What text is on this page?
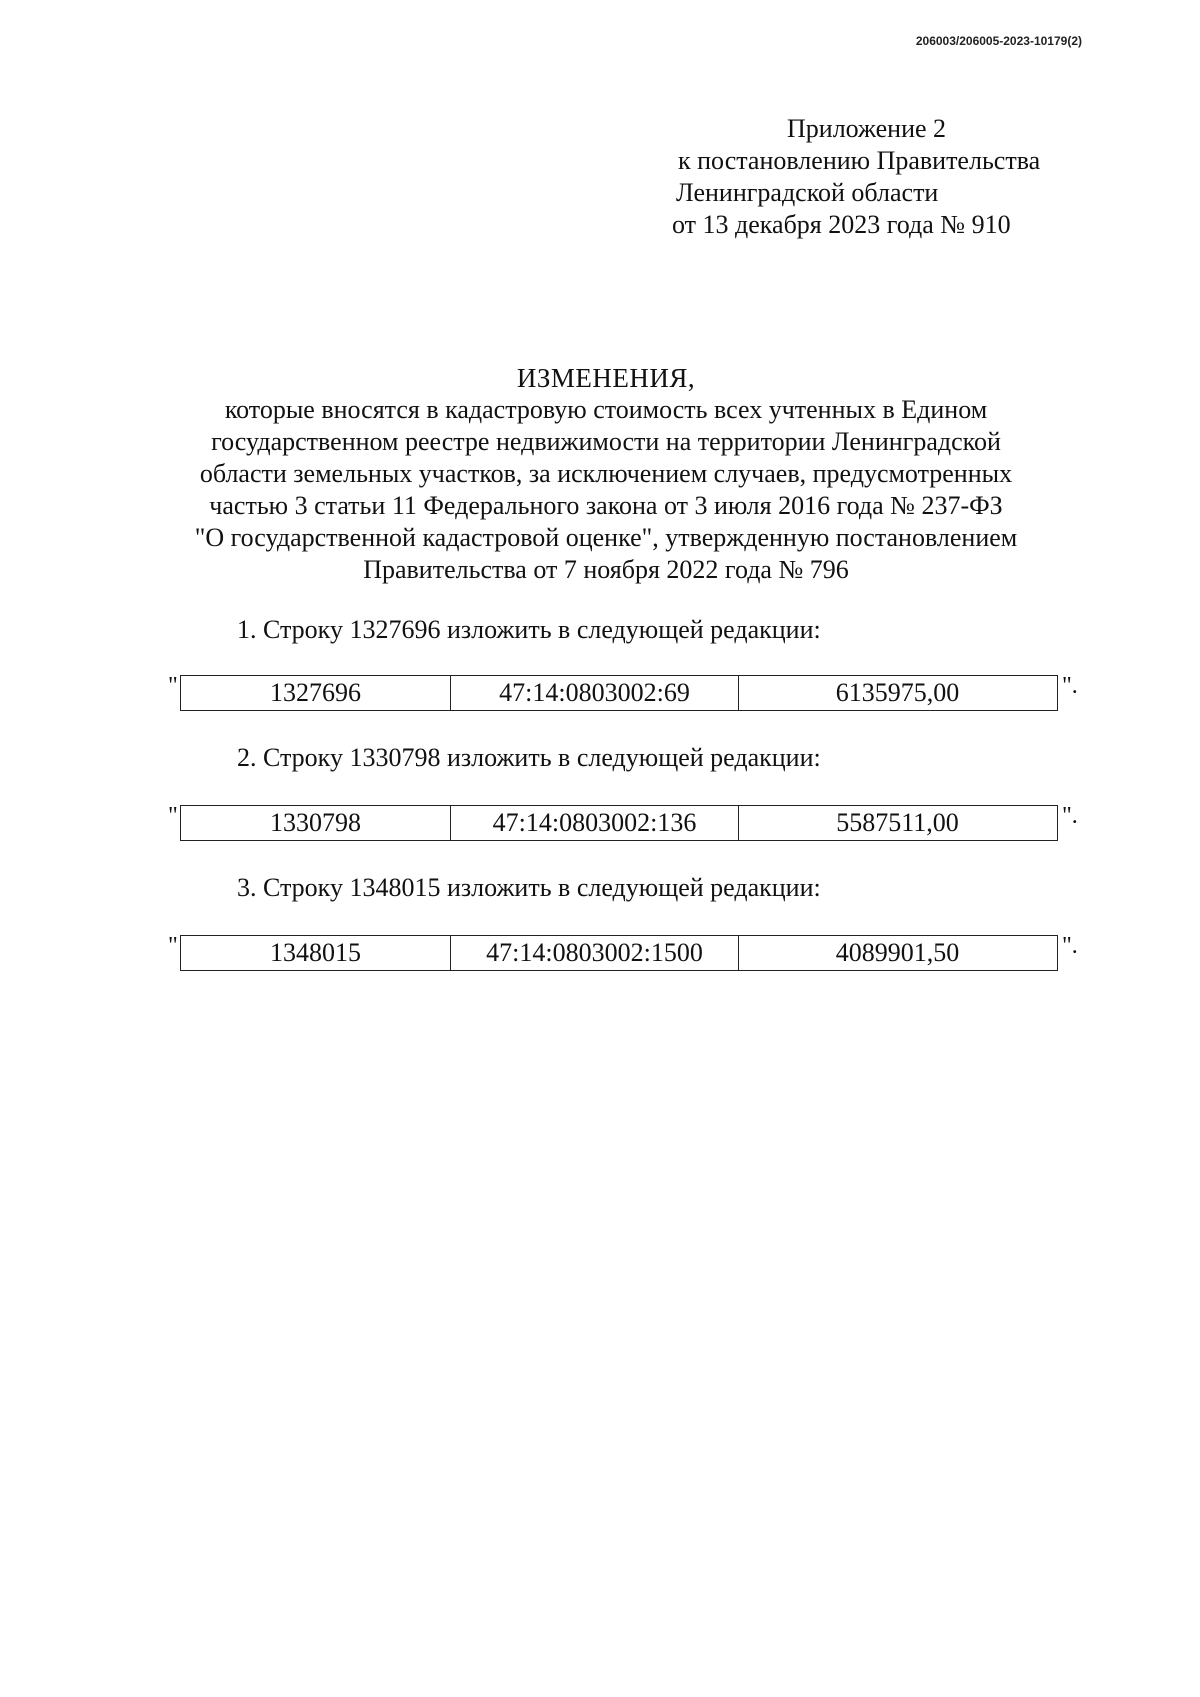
206003/206005-2023-10179(2)
Приложение 2
к постановлению Правительства
Ленинградской области
от 13 декабря 2023 года № 910
ИЗМЕНЕНИЯ,
которые вносятся в кадастровую стоимость всех учтенных в Едином
государственном реестре недвижимости на территории Ленинградской
области земельных участков, за исключением случаев, предусмотренных
частью 3 статьи 11 Федерального закона от 3 июля 2016 года № 237-ФЗ
"О государственной кадастровой оценке", утвержденную постановлением
Правительства от 7 ноября 2022 года № 796
1. Строку 1327696 изложить в следующей редакции:
"	1327696	47:14:0803002:69	6135975,00	".
2. Строку 1330798 изложить в следующей редакции:
"	1330798	47:14:0803002:136	5587511,00	".
3. Строку 1348015 изложить в следующей редакции:
"	1348015	47:14:0803002:1500	4089901,50	".
